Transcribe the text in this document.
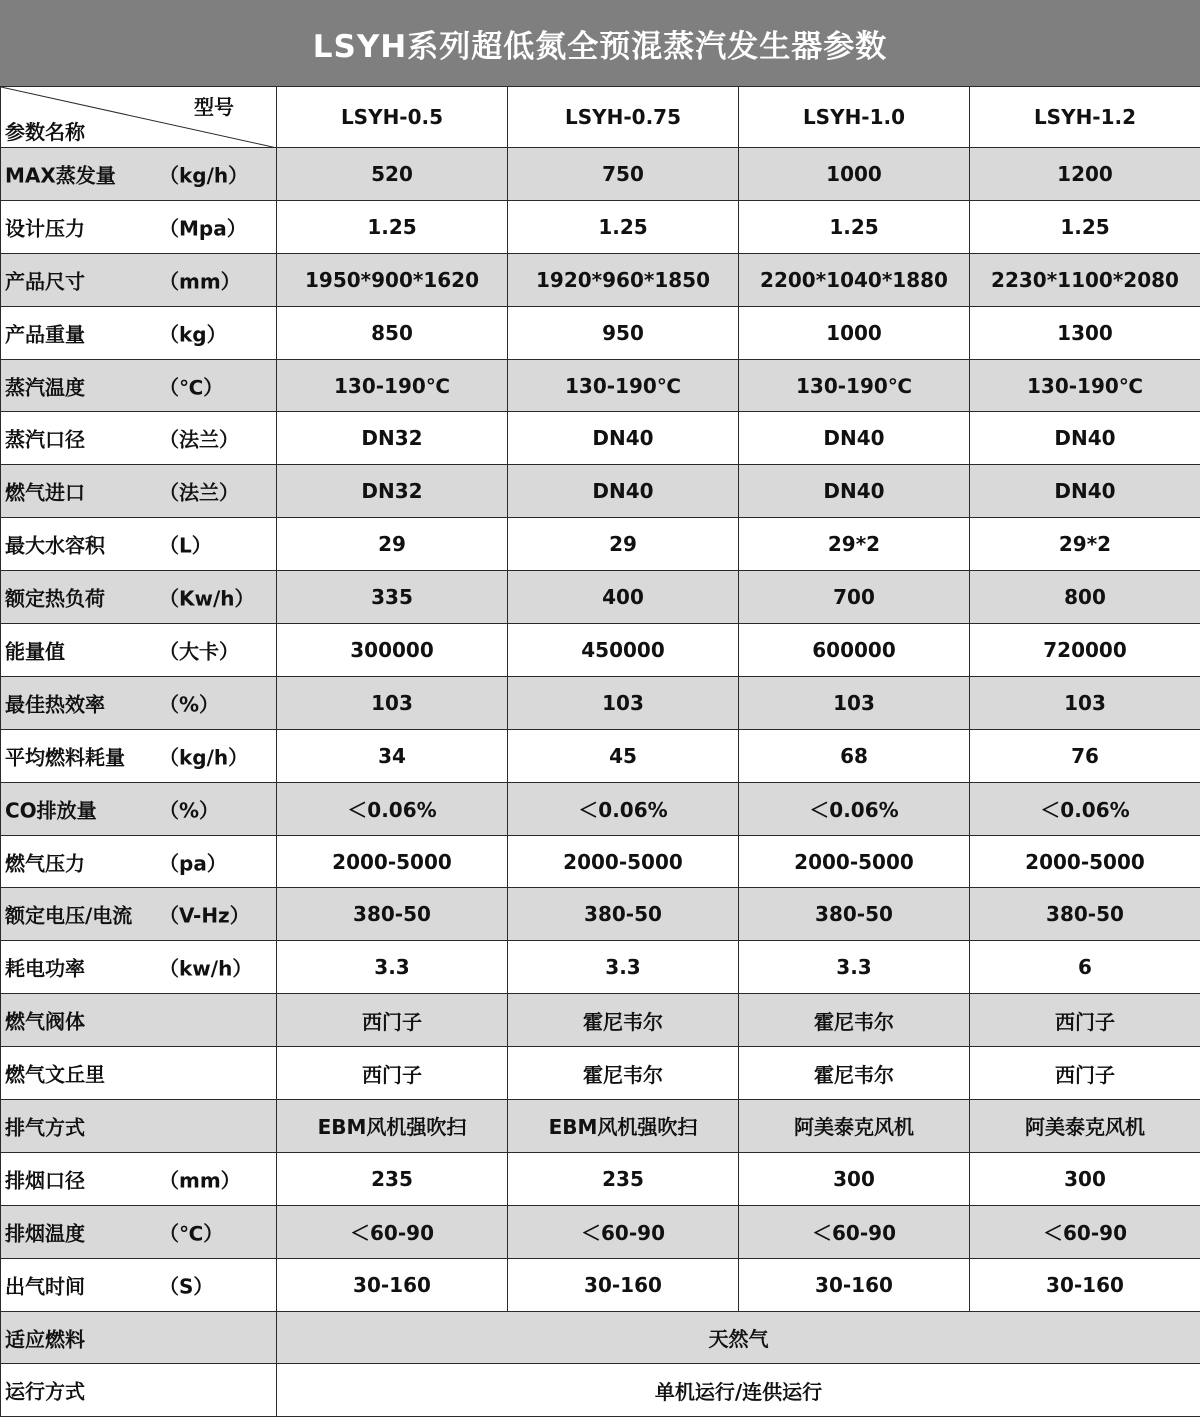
LSYH系列超低氮全预混蒸汽发生器参数
型号
参数名称	LSYH-0.5	LSYH-0.75	LSYH-1.0	LSYH-1.2

MAX蒸发量 （kg/h）	520	750	1000	1200

设计压力 （Mpa）	1.25	1.25	1.25	1.25

产品尺寸 （mm）	1950*900*1620	1920*960*1850	2200*1040*1880	2230*1100*2080

产品重量 （kg）	850	950	1000	1300

蒸汽温度 （℃）	130-190℃	130-190℃	130-190℃	130-190℃

蒸汽口径 （法兰）	DN32	DN40	DN40	DN40

燃气进口 （法兰）	DN32	DN40	DN40	DN40

最大水容积 （L）	29	29	29*2	29*2

额定热负荷 （Kw/h）	335	400	700	800

能量值 （大卡）	300000	450000	600000	720000

最佳热效率 （%）	103	103	103	103

平均燃料耗量 （kg/h）	34	45	68	76

CO排放量 （%）	＜0.06%	＜0.06%	＜0.06%	＜0.06%

燃气压力 （pa）	2000-5000	2000-5000	2000-5000	2000-5000

额定电压/电流 （V-Hz）	380-50	380-50	380-50	380-50

耗电功率 （kw/h）	3.3	3.3	3.3	6

燃气阀体	西门子	霍尼韦尔	霍尼韦尔	西门子

燃气文丘里	西门子	霍尼韦尔	霍尼韦尔	西门子

排气方式	EBM风机强吹扫	EBM风机强吹扫	阿美泰克风机	阿美泰克风机

排烟口径 （mm）	235	235	300	300

排烟温度 （℃）	＜60-90	＜60-90	＜60-90	＜60-90

出气时间 （S）	30-160	30-160	30-160	30-160

适应燃料	天然气			

运行方式	单机运行/连供运行			
